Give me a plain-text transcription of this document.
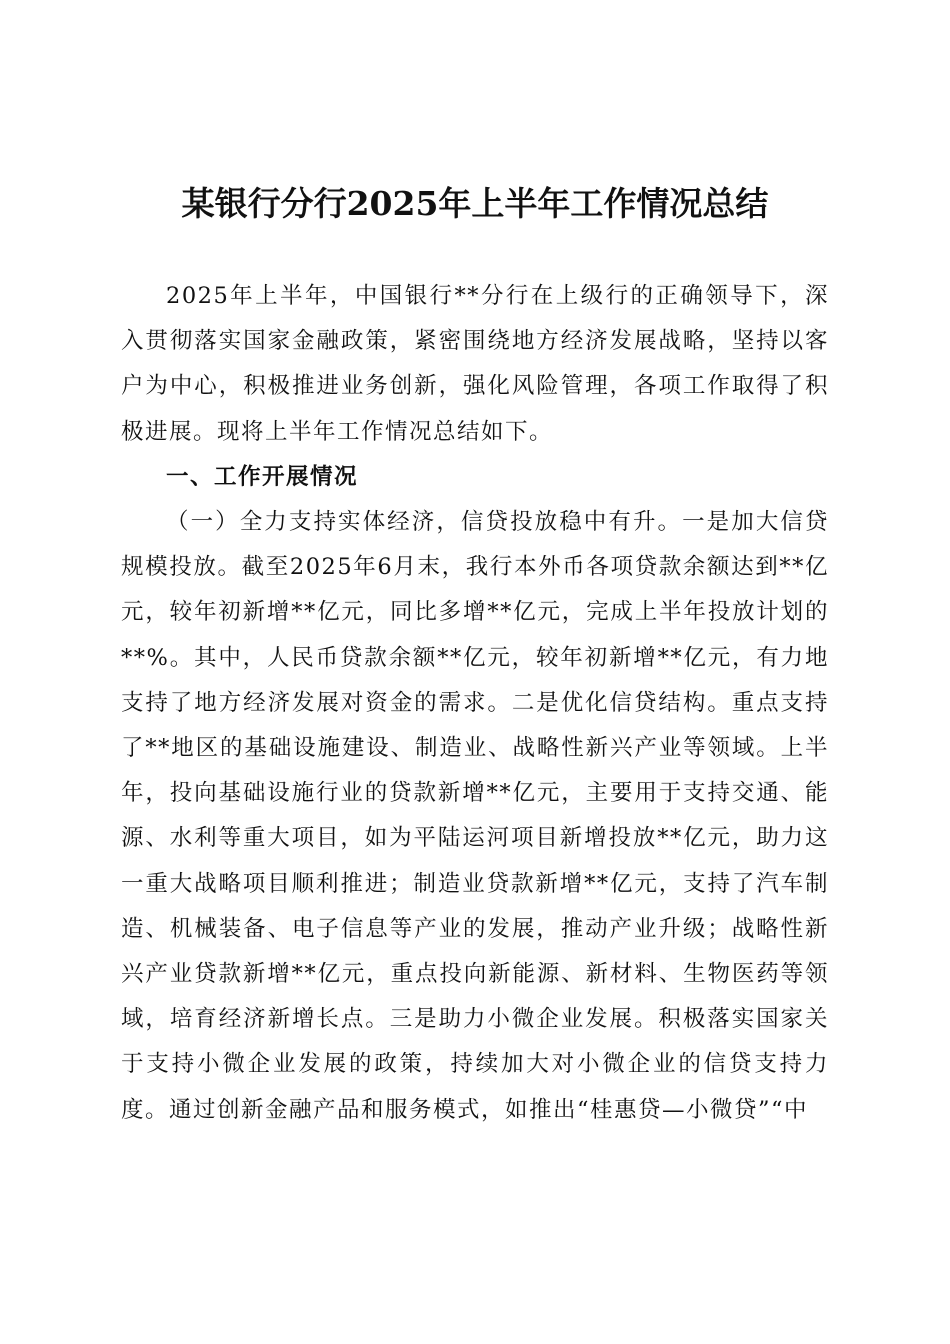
某银行分行2025年上半年工作情况总结

2025年上半年，中国银行**分行在上级行的正确领导下，深入贯彻落实国家金融政策，紧密围绕地方经济发展战略，坚持以客户为中心，积极推进业务创新，强化风险管理，各项工作取得了积极进展。现将上半年工作情况总结如下。

一、工作开展情况

（一）全力支持实体经济，信贷投放稳中有升。一是加大信贷规模投放。截至2025年6月末，我行本外币各项贷款余额达到**亿元，较年初新增**亿元，同比多增**亿元，完成上半年投放计划的**%。其中，人民币贷款余额**亿元，较年初新增**亿元，有力地支持了地方经济发展对资金的需求。二是优化信贷结构。重点支持了**地区的基础设施建设、制造业、战略性新兴产业等领域。上半年，投向基础设施行业的贷款新增**亿元，主要用于支持交通、能源、水利等重大项目，如为平陆运河项目新增投放**亿元，助力这一重大战略项目顺利推进；制造业贷款新增**亿元，支持了汽车制造、机械装备、电子信息等产业的发展，推动产业升级；战略性新兴产业贷款新增**亿元，重点投向新能源、新材料、生物医药等领域，培育经济新增长点。三是助力小微企业发展。积极落实国家关于支持小微企业发展的政策，持续加大对小微企业的信贷支持力度。通过创新金融产品和服务模式，如推出“桂惠贷—小微贷”“中
